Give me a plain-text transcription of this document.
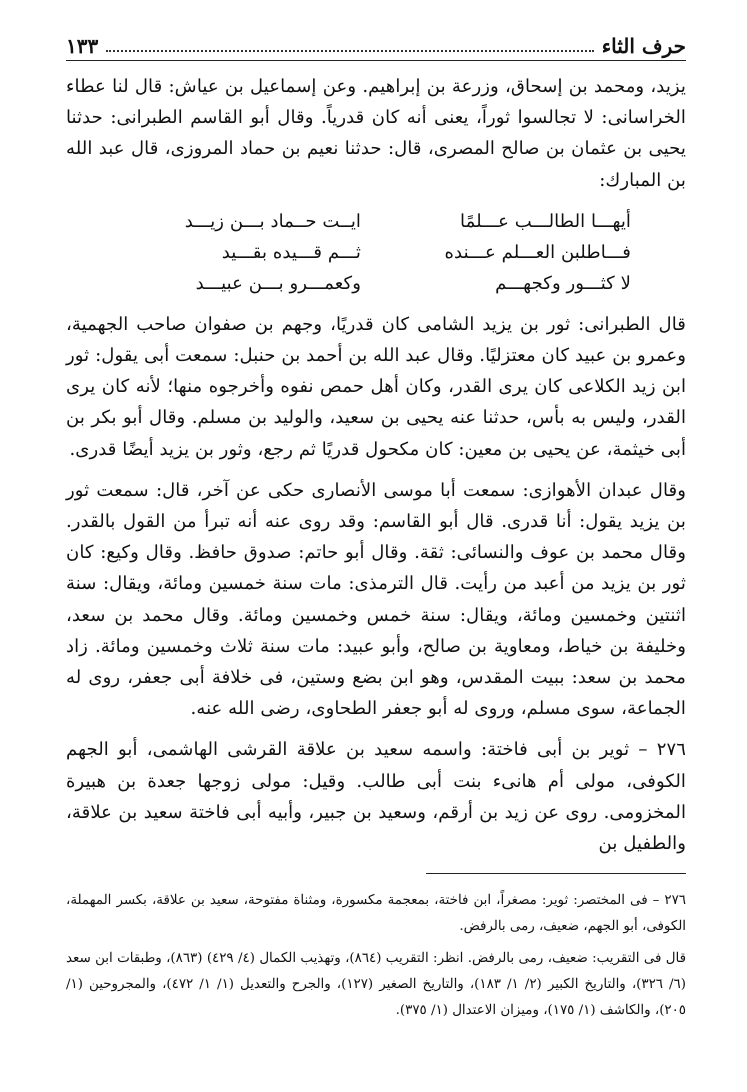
حرف الثاء
١٣٣

يزيد، ومحمد بن إسحاق، وزرعة بن إبراهيم. وعن إسماعيل بن عياش: قال لنا عطاء الخراسانى: لا تجالسوا ثوراً، يعنى أنه كان قدرياً. وقال أبو القاسم الطبرانى: حدثنا يحيى بن عثمان بن صالح المصرى، قال: حدثنا نعيم بن حماد المروزى، قال عبد الله بن المبارك:

أيهـــا الطالـــب عـــلمًا
ايــت حــماد بـــن زيـــد
فـــاطلبن العـــلم عـــنده
ثـــم قـــيده بقـــيد
لا كثـــور وكجهـــم
وكعمـــرو بـــن عبيـــد

قال الطبرانى: ثور بن يزيد الشامى كان قدريًا، وجهم بن صفوان صاحب الجهمية، وعمرو بن عبيد كان معتزليًا. وقال عبد الله بن أحمد بن حنبل: سمعت أبى يقول: ثور ابن زيد الكلاعى كان يرى القدر، وكان أهل حمص نفوه وأخرجوه منها؛ لأنه كان يرى القدر، وليس به بأس، حدثنا عنه يحيى بن سعيد، والوليد بن مسلم. وقال أبو بكر بن أبى خيثمة، عن يحيى بن معين: كان مكحول قدريًا ثم رجع، وثور بن يزيد أيضًا قدرى.

وقال عبدان الأهوازى: سمعت أبا موسى الأنصارى حكى عن آخر، قال: سمعت ثور بن يزيد يقول: أنا قدرى. قال أبو القاسم: وقد روى عنه أنه تبرأ من القول بالقدر. وقال محمد بن عوف والنسائى: ثقة. وقال أبو حاتم: صدوق حافظ. وقال وكيع: كان ثور بن يزيد من أعبد من رأيت. قال الترمذى: مات سنة خمسين ومائة، ويقال: سنة اثنتين وخمسين ومائة، ويقال: سنة خمس وخمسين ومائة. وقال محمد بن سعد، وخليفة بن خياط، ومعاوية بن صالح، وأبو عبيد: مات سنة ثلاث وخمسين ومائة. زاد محمد بن سعد: ببيت المقدس، وهو ابن بضع وستين، فى خلافة أبى جعفر، روى له الجماعة، سوى مسلم، وروى له أبو جعفر الطحاوى، رضى الله عنه.

٢٧٦ – ثوير بن أبى فاختة: واسمه سعيد بن علاقة القرشى الهاشمى، أبو الجهم الكوفى، مولى أم هانىء بنت أبى طالب. وقيل: مولى زوجها جعدة بن هبيرة المخزومى. روى عن زيد بن أرقم، وسعيد بن جبير، وأبيه أبى فاختة سعيد بن علاقة، والطفيل بن

٢٧٦ – فى المختصر: ثوير: مصغراً، ابن فاختة، بمعجمة مكسورة، ومثناة مفتوحة، سعيد بن علاقة، بكسر المهملة، الكوفى، أبو الجهم، ضعيف، رمى بالرفض.

قال فى التقريب: ضعيف، رمى بالرفض. انظر: التقريب (٨٦٤)، وتهذيب الكمال (٤/ ٤٢٩) (٨٦٣)، وطبقات ابن سعد (٦/ ٣٢٦)، والتاريخ الكبير (٢/ ١/ ١٨٣)، والتاريخ الصغير (١٢٧)، والجرح والتعديل (١/ ١/ ٤٧٢)، والمجروحين (١/ ٢٠٥)، والكاشف (١/ ١٧٥)، وميزان الاعتدال (١/ ٣٧٥).
